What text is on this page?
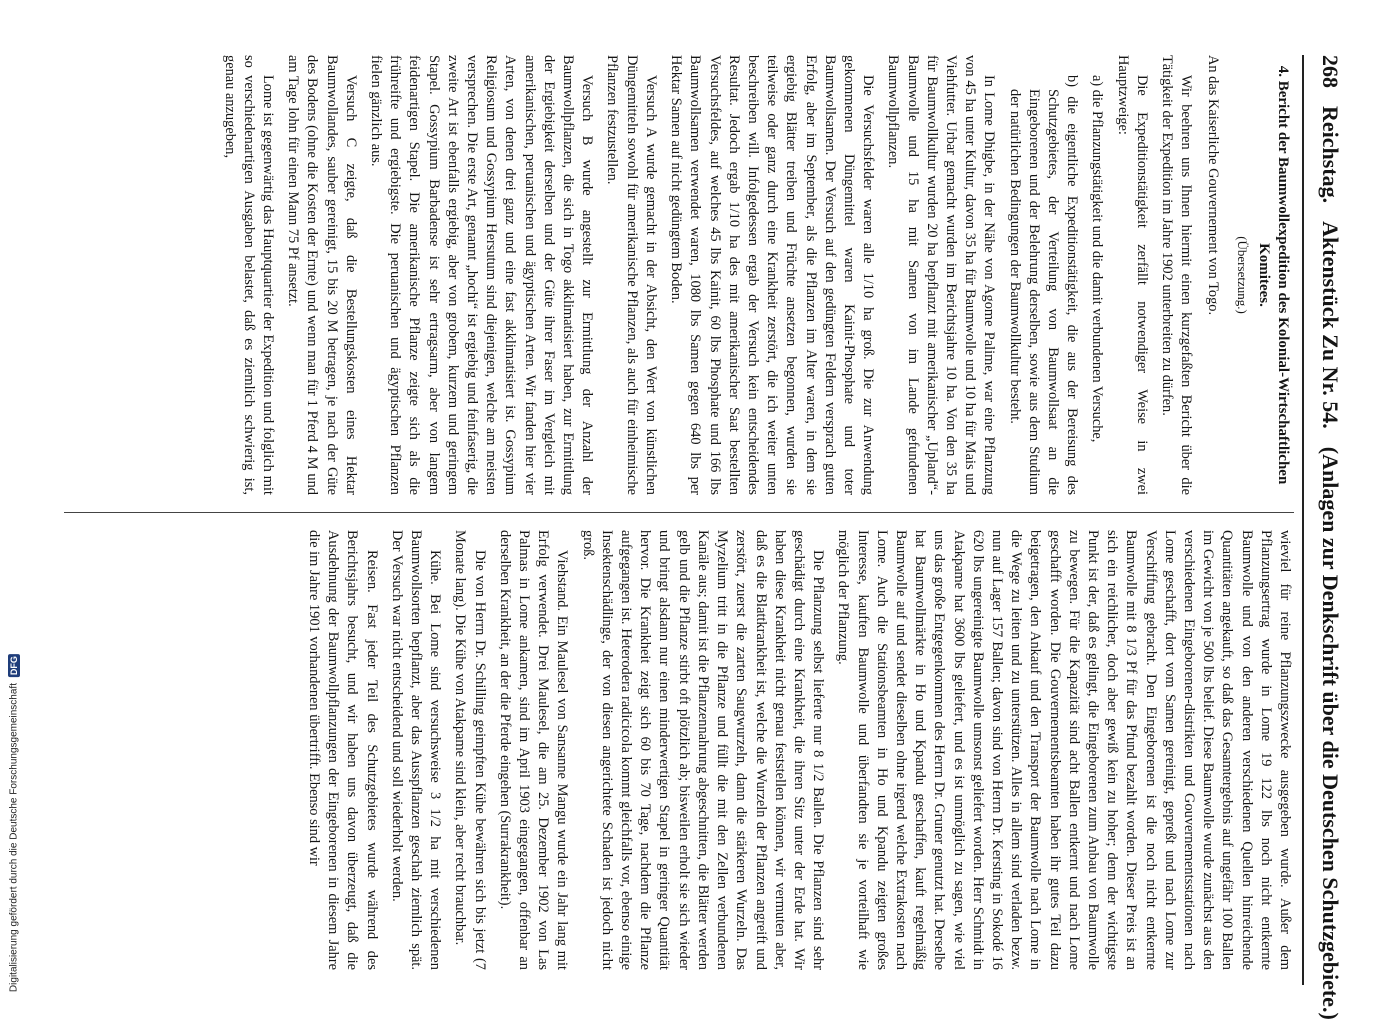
268
Reichstag.
Aktenstück Zu Nr. 54.
(Anlagen zur Denkschrift über die Deutschen Schutzgebiete.)
4. Bericht der Baumwollexpedition des Kolonial-Wirtschaftlichen Komitees.
(Übersetzung.)
An das Kaiserliche Gouvernement von Togo.

Wir beehren uns Ihnen hiermit einen kurzgefaßten Bericht über die Tätigkeit der Expedition im Jahre 1902 unterbreiten zu dürfen.

Die Expeditionstätigkeit zerfällt notwendiger Weise in zwei Hauptzweige:

a) die Pflanzungstätigkeit und die damit verbundenen Versuche,
b) die eigentliche Expeditionstätigkeit, die aus der Bereisung des Schutzgebietes, der Verteilung von Baumwollsaat an die Eingeborenen und der Belehrung derselben, sowie aus dem Studium der natürlichen Bedingungen der Baumwollkultur besteht.

In Lome Dhigbe, in der Nähe von Agome Palime, war eine Pflanzung von 45 ha unter Kultur, davon 35 ha für Baumwolle und 10 ha für Mais und Viehfutter. Urbar gemacht wurden im Berichtsjahre 10 ha. Von den 35 ha für Baumwollkultur wurden 20 ha bepflanzt mit amerikanischer „Upland“-Baumwolle und 15 ha mit Samen von im Lande gefundenen Baumwollpflanzen.

Die Versuchsfelder waren alle 1/10 ha groß. Die zur Anwendung gekommenen Düngemittel waren Kainit-Phosphate und toter Baumwollsamen. Der Versuch auf den gedüngten Feldern versprach guten Erfolg, aber im September, als die Pflanzen im Alter waren, in dem sie ergiebig Blätter treiben und Früchte ansetzen begonnen, wurden sie teilweise oder ganz durch eine Krankheit zerstört, die ich weiter unten beschreiben will. Infolgedessen ergab der Versuch kein entscheidendes Resultat. Jedoch ergab 1/10 ha des mit amerikanischer Saat bestellten Versuchsfeldes, auf welches 45 lbs Kainit, 60 lbs Phosphate und 166 lbs Baumwollsamen verwendet waren, 1080 lbs Samen gegen 640 lbs per Hektar Samen auf nicht gedüngtem Boden.

Versuch A wurde gemacht in der Absicht, den Wert von künstlichen Düngemitteln sowohl für amerikanische Pflanzen, als auch für einheimische Pflanzen festzustellen.

Versuch B wurde angestellt zur Ermittlung der Anzahl der Baumwollpflanzen, die sich in Togo akklimatisiert haben, zur Ermittlung der Ergiebigkeit derselben und der Güte ihrer Faser im Vergleich mit amerikanischen, peruanischen und ägyptischen Arten. Wir fanden hier vier Arten, von denen drei ganz und eine fast akklimatisiert ist. Gossypium Religiosum und Gossypium Hersutum sind diejenigen, welche am meisten versprechen. Die erste Art, genannt „hochi“ ist ergiebig und feinfaserig, die zweite Art ist ebenfalls ergiebig, aber von grobem, kurzem und geringem Stapel. Gossypium Barbadense ist sehr ertragsarm, aber von langem feidenartigen Stapel. Die amerikanische Pflanze zeigte sich als die frühreifte und ergiebigste. Die peruanischen und ägyptischen Pflanzen fielen gänzlich aus.

Versuch C zeigte, daß die Bestellungskosten eines Hektar Baumwollandes, sauber gereinigt, 15 bis 20 M betragen, je nach der Güte des Bodens (ohne die Kosten der Ernte) und wenn man für 1 Pferd 4 M und am Tage lohn für einen Mann 75 Pf ansetzt.

Lome ist gegenwärtig das Hauptquartier der Expedition und folglich mit so verschiedenartigen Ausgaben belastet, daß es ziemlich schwierig ist, genau anzugeben,

wieviel für reine Pflanzungszwecke ausgegeben wurde. Außer dem Pflanzungsertrag wurde in Lome 19 122 lbs noch nicht entkernte Baumwolle und von den anderen verschiedenen Quellen hinreichende Quantitäten angekauft, so daß das Gesamtergebnis auf ungefähr 100 Ballen im Gewicht von je 500 lbs belief. Diese Baumwolle wurde zunächst aus den verschiedenen Eingeborenen-distrikten und Gouvernementsstationen nach Lome geschafft, dort vom Samen gereinigt, gepreßt und nach Lome zur Verschiffung gebracht. Den Eingeborenen ist die noch nicht entkernte Baumwolle mit 8 1/3 Pf für das Pfund bezahlt worden. Dieser Preis ist an sich ein reichlicher, doch aber gewiß kein zu hoher; denn der wichtigste Punkt ist der, daß es gelingt, die Eingeborenen zum Anbau von Baumwolle zu bewegen. Für die Kapazität sind acht Ballen entkernt und nach Lome geschafft worden. Die Gouvernementsbeamten haben ihr gutes Teil dazu beigetragen, den Ankauf und den Transport der Baumwolle nach Lome in die Wege zu leiten und zu unterstützen. Alles in allem sind verladen bezw. nun auf Lager 157 Ballen; davon sind von Herrn Dr. Kersting in Sokodé 16 620 lbs ungereinigte Baumwolle umsonst geliefert worden. Herr Schmidt in Atakpame hat 3600 lbs geliefert, und es ist unmöglich zu sagen, wie viel uns das große Entgegenkommen des Herrn Dr. Gruner genutzt hat. Derselbe hat Baumwollmärkte in Ho und Kpandu geschaffen, kauft regelmäßig Baumwolle auf und sendet dieselben ohne irgend welche Extrakosten nach Lome. Auch die Stationsbeamten in Ho und Kpandu zeigten großes Interesse, kauften Baumwolle und überfandten sie je vorteilhaft wie möglich der Pflanzung.

Die Pflanzung selbst lieferte nur 8 1/2 Ballen. Die Pflanzen sind sehr geschädigt durch eine Krankheit, die ihren Sitz unter der Erde hat. Wir haben diese Krankheit nicht genau feststellen können, wir vermuten aber, daß es die Blattkrankheit ist, welche die Wurzeln der Pflanzen angreift und zerstört, zuerst die zarten Saugwurzeln, dann die stärkeren Wurzeln. Das Myzelium tritt in die Pflanze und füllt die mit den Zellen verbundenen Kanäle aus; damit ist die Pflanzennahrung abgeschnitten, die Blätter werden gelb und die Pflanze stirbt oft plötzlich ab; bisweilen erholt sie sich wieder und bringt alsdann nur einen minderwertigen Stapel in geringer Quantität hervor. Die Krankheit zeigt sich 60 bis 70 Tage, nachdem die Pflanze aufgegangen ist. Heterodera radicicola kommt gleichfalls vor, ebenso einige Insektenschädlinge, der von diesen angerichtete Schaden ist jedoch nicht groß.

Viehstand. Ein Maulesel von Sansanne Mangu wurde ein Jahr lang mit Erfolg verwendet. Drei Maulesel, die am 25. Dezember 1902 von Las Palmas in Lome ankamen, sind im April 1903 eingegangen, offenbar an derselben Krankheit, an der die Pferde eingehen (Surrakrankheit).

Die von Herrn Dr. Schilling geimpften Kühe bewähren sich bis jetzt (7 Monate lang). Die Kühe von Atakpame sind klein, aber recht brauchbar.

Kühe. Bei Lome sind versuchsweise 3 1/2 ha mit verschiedenen Baumwollsorten bepflanzt, aber das Ausspflanzen geschah ziemlich spät. Der Versuch war nicht entscheidend und soll wiederholt werden.

Reisen. Fast jeder Teil des Schutzgebietes wurde während des Berichtsjahrs besucht, und wir haben uns davon überzeugt, daß die Ausdehnung der Baumwollpflanzungen der Eingeborenen in diesem Jahre die im Jahre 1901 vorhandenen übertrifft. Ebenso sind wir

Digitalisierung gefördert durch die Deutsche Forschungsgemeinschaft
DFG
